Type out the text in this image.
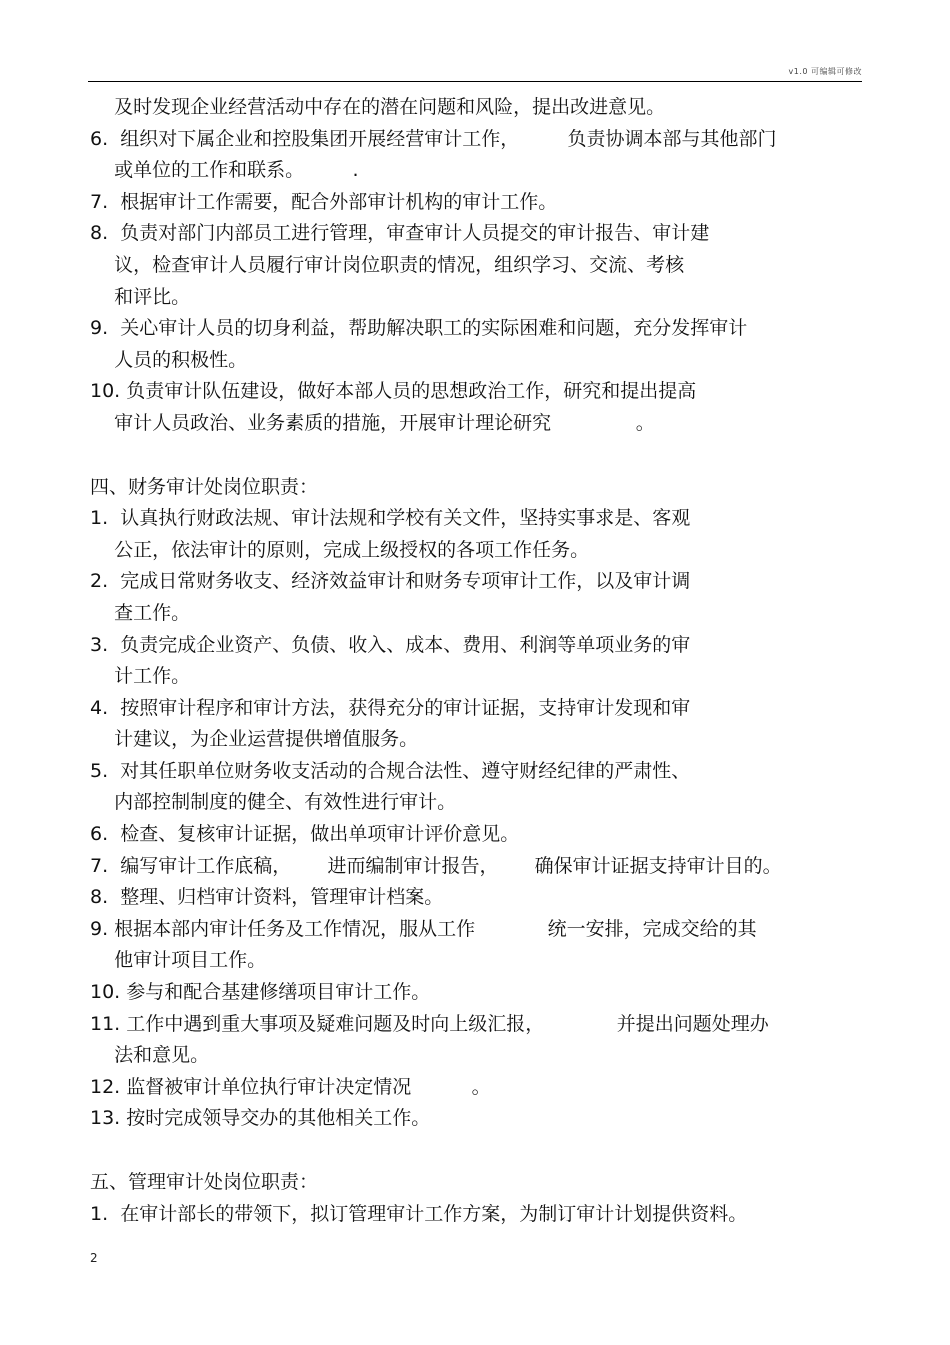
v1.0 可编辑可修改
及时发现企业经营活动中存在的潜在问题和风险，提出改进意见。
6.  组织对下属企业和控股集团开展经营审计工作，        负责协调本部与其他部门
或单位的工作和联系。        .
7.  根据审计工作需要，配合外部审计机构的审计工作。
8.  负责对部门内部员工进行管理，审查审计人员提交的审计报告、审计建
议，检查审计人员履行审计岗位职责的情况，组织学习、交流、考核
和评比。
9.  关心审计人员的切身利益，帮助解决职工的实际困难和问题，充分发挥审计
人员的积极性。
10. 负责审计队伍建设，做好本部人员的思想政治工作，研究和提出提高
审计人员政治、业务素质的措施，开展审计理论研究              。
四、财务审计处岗位职责：
1.  认真执行财政法规、审计法规和学校有关文件，坚持实事求是、客观
公正，依法审计的原则，完成上级授权的各项工作任务。
2.  完成日常财务收支、经济效益审计和财务专项审计工作，以及审计调
查工作。
3.  负责完成企业资产、负债、收入、成本、费用、利润等单项业务的审
计工作。
4.  按照审计程序和审计方法，获得充分的审计证据，支持审计发现和审
计建议，为企业运营提供增值服务。
5.  对其任职单位财务收支活动的合规合法性、遵守财经纪律的严肃性、
内部控制制度的健全、有效性进行审计。
6.  检查、复核审计证据，做出单项审计评价意见。
7.  编写审计工作底稿，      进而编制审计报告，      确保审计证据支持审计目的。
8.  整理、归档审计资料，管理审计档案。
9. 根据本部内审计任务及工作情况，服从工作            统一安排，完成交给的其
他审计项目工作。
10. 参与和配合基建修缮项目审计工作。
11. 工作中遇到重大事项及疑难问题及时向上级汇报，            并提出问题处理办
法和意见。
12. 监督被审计单位执行审计决定情况          。
13. 按时完成领导交办的其他相关工作。
五、管理审计处岗位职责：
1.  在审计部长的带领下，拟订管理审计工作方案，为制订审计计划提供资料。
2
